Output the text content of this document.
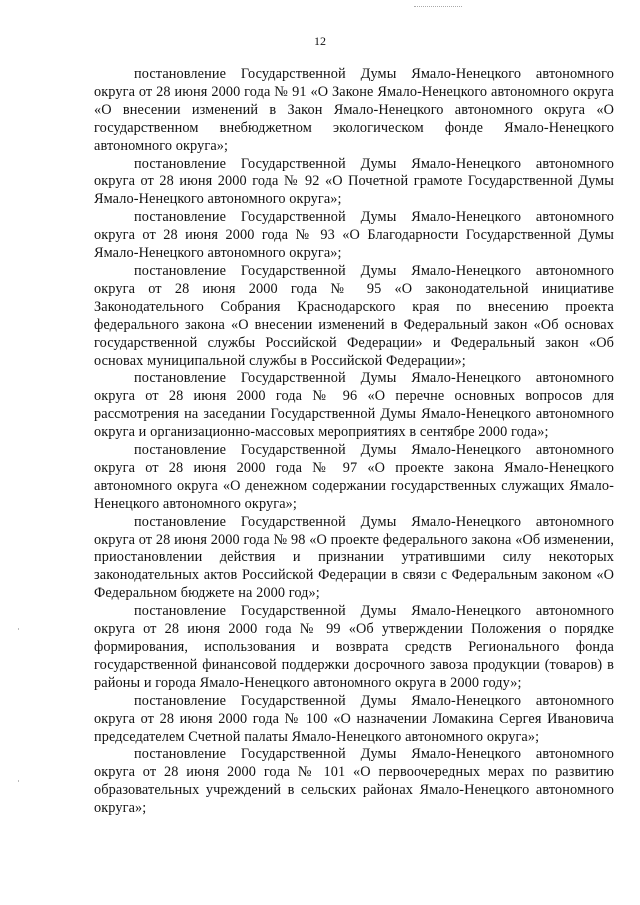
12

постановление Государственной Думы Ямало-Ненецкого автономного округа от 28 июня 2000 года № 91 «О Законе Ямало-Ненецкого автономного округа «О внесении изменений в Закон Ямало-Ненецкого автономного округа «О государственном внебюджетном экологическом фонде Ямало-Ненецкого автономного округа»;

постановление Государственной Думы Ямало-Ненецкого автономного округа от 28 июня 2000 года № 92 «О Почетной грамоте Государственной Думы Ямало-Ненецкого автономного округа»;

постановление Государственной Думы Ямало-Ненецкого автономного округа от 28 июня 2000 года № 93 «О Благодарности Государственной Думы Ямало-Ненецкого автономного округа»;

постановление Государственной Думы Ямало-Ненецкого автономного округа от 28 июня 2000 года № 95 «О законодательной инициативе Законодательного Собрания Краснодарского края по внесению проекта федерального закона «О внесении изменений в Федеральный закон «Об основах государственной службы Российской Федерации» и Федеральный закон «Об основах муниципальной службы в Российской Федерации»;

постановление Государственной Думы Ямало-Ненецкого автономного округа от 28 июня 2000 года № 96 «О перечне основных вопросов для рассмотрения на заседании Государственной Думы Ямало-Ненецкого автономного округа и организационно-массовых мероприятиях в сентябре 2000 года»;

постановление Государственной Думы Ямало-Ненецкого автономного округа от 28 июня 2000 года № 97 «О проекте закона Ямало-Ненецкого автономного округа «О денежном содержании государственных служащих Ямало-Ненецкого автономного округа»;

постановление Государственной Думы Ямало-Ненецкого автономного округа от 28 июня 2000 года № 98 «О проекте федерального закона «Об изменении, приостановлении действия и признании утратившими силу некоторых законодательных актов Российской Федерации в связи с Федеральным законом «О Федеральном бюджете на 2000 год»;

постановление Государственной Думы Ямало-Ненецкого автономного округа от 28 июня 2000 года № 99 «Об утверждении Положения о порядке формирования, использования и возврата средств Регионального фонда государственной финансовой поддержки досрочного завоза продукции (товаров) в районы и города Ямало-Ненецкого автономного округа в 2000 году»;

постановление Государственной Думы Ямало-Ненецкого автономного округа от 28 июня 2000 года № 100 «О назначении Ломакина Сергея Ивановича председателем Счетной палаты Ямало-Ненецкого автономного округа»;

постановление Государственной Думы Ямало-Ненецкого автономного округа от 28 июня 2000 года № 101 «О первоочередных мерах по развитию образовательных учреждений в сельских районах Ямало-Ненецкого автономного округа»;
